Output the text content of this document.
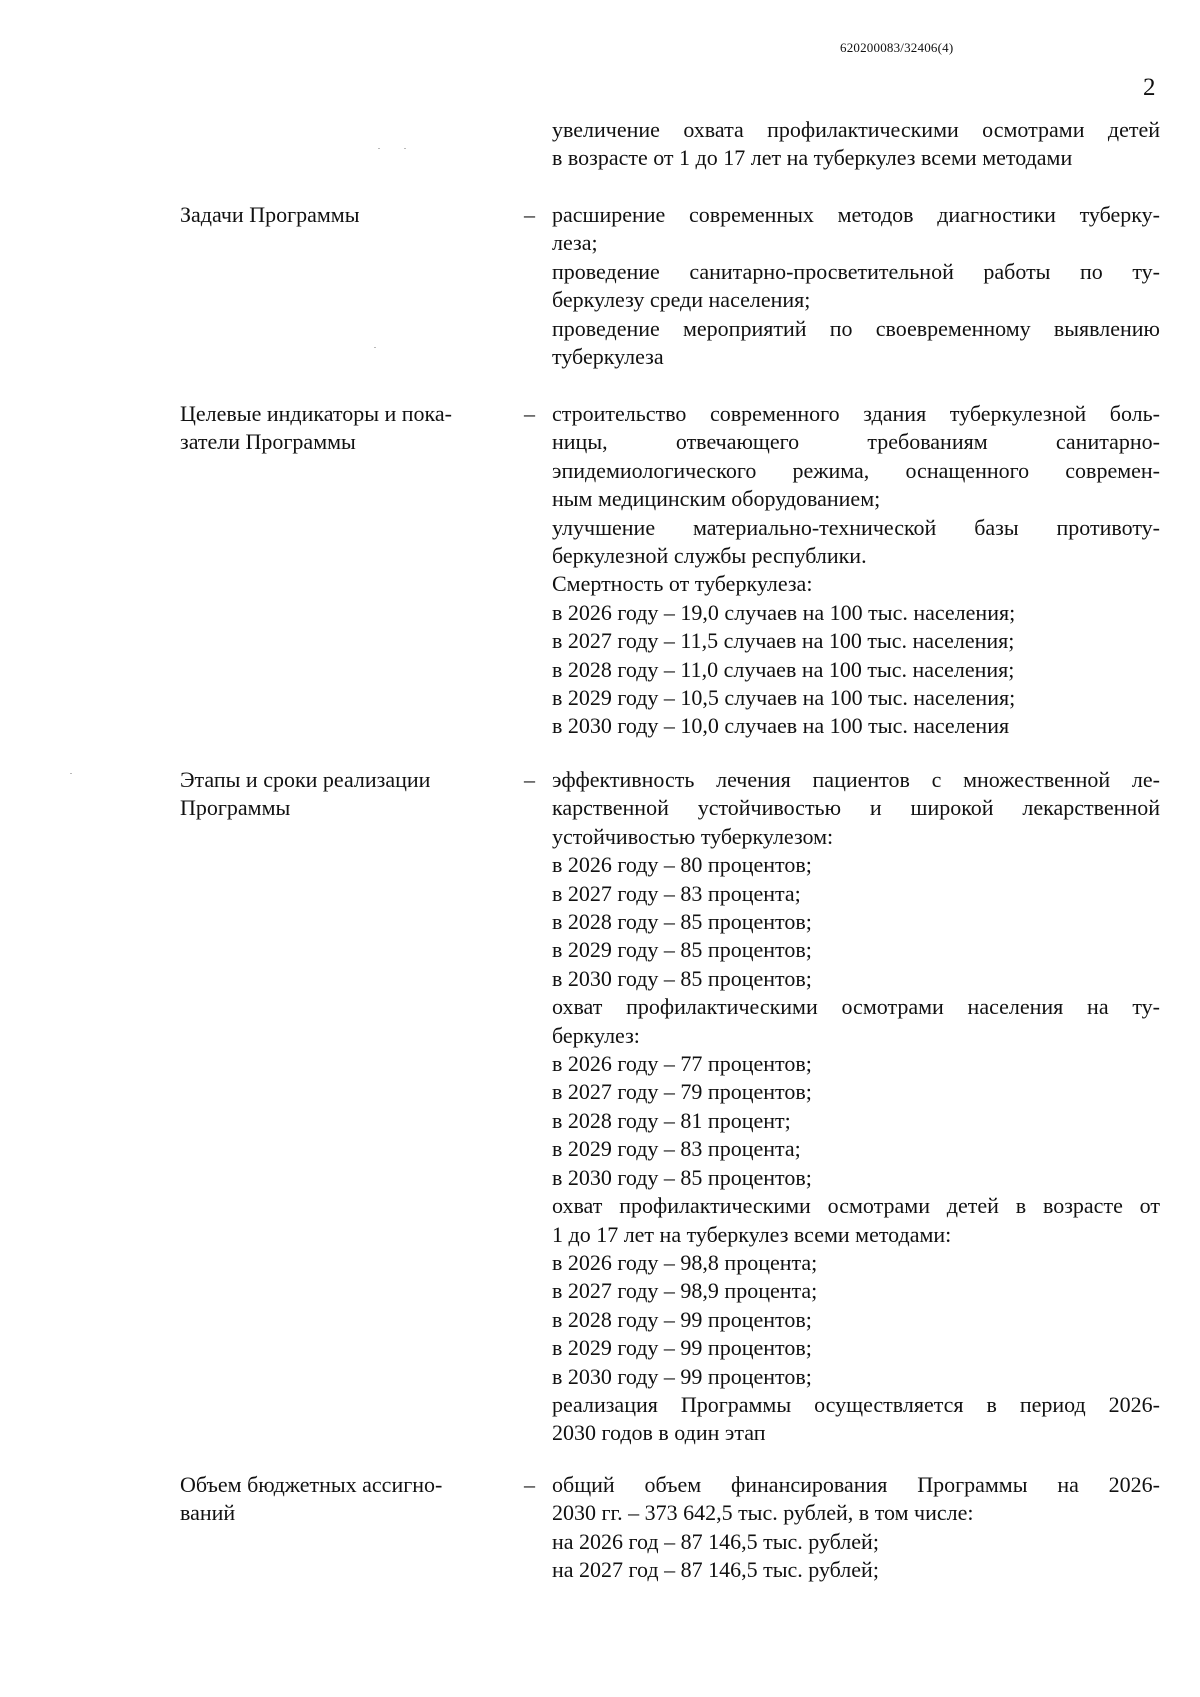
620200083/32406(4)
2
увеличение охвата профилактическими осмотрами детей
в возрасте от 1 до 17 лет на туберкулез всеми методами
Задачи Программы	– расширение современных методов диагностики туберку-
леза;
проведение санитарно-просветительной работы по ту-
беркулезу среди населения;
проведение мероприятий по своевременному выявлению
туберкулеза
Целевые индикаторы и пока-
затели Программы
– строительство современного здания туберкулезной боль-
ницы, отвечающего требованиям санитарно-
эпидемиологического режима, оснащенного современ-
ным медицинским оборудованием;
улучшение материально-технической базы противоту-
беркулезной службы республики.
Смертность от туберкулеза:
в 2026 году – 19,0 случаев на 100 тыс. населения;
в 2027 году – 11,5 случаев на 100 тыс. населения;
в 2028 году – 11,0 случаев на 100 тыс. населения;
в 2029 году – 10,5 случаев на 100 тыс. населения;
в 2030 году – 10,0 случаев на 100 тыс. населения
Этапы и сроки реализации
Программы
– эффективность лечения пациентов с множественной ле-
карственной устойчивостью и широкой лекарственной
устойчивостью туберкулезом:
в 2026 году – 80 процентов;
в 2027 году – 83 процента;
в 2028 году – 85 процентов;
в 2029 году – 85 процентов;
в 2030 году – 85 процентов;
охват профилактическими осмотрами населения на ту-
беркулез:
в 2026 году – 77 процентов;
в 2027 году – 79 процентов;
в 2028 году – 81 процент;
в 2029 году – 83 процента;
в 2030 году – 85 процентов;
охват профилактическими осмотрами детей в возрасте от
1 до 17 лет на туберкулез всеми методами:
в 2026 году – 98,8 процента;
в 2027 году – 98,9 процента;
в 2028 году – 99 процентов;
в 2029 году – 99 процентов;
в 2030 году – 99 процентов;
реализация Программы осуществляется в период 2026-
2030 годов в один этап
Объем бюджетных ассигно-
ваний
– общий объем финансирования Программы на 2026-
2030 гг. – 373 642,5 тыс. рублей, в том числе:
на 2026 год – 87 146,5 тыс. рублей;
на 2027 год – 87 146,5 тыс. рублей;
